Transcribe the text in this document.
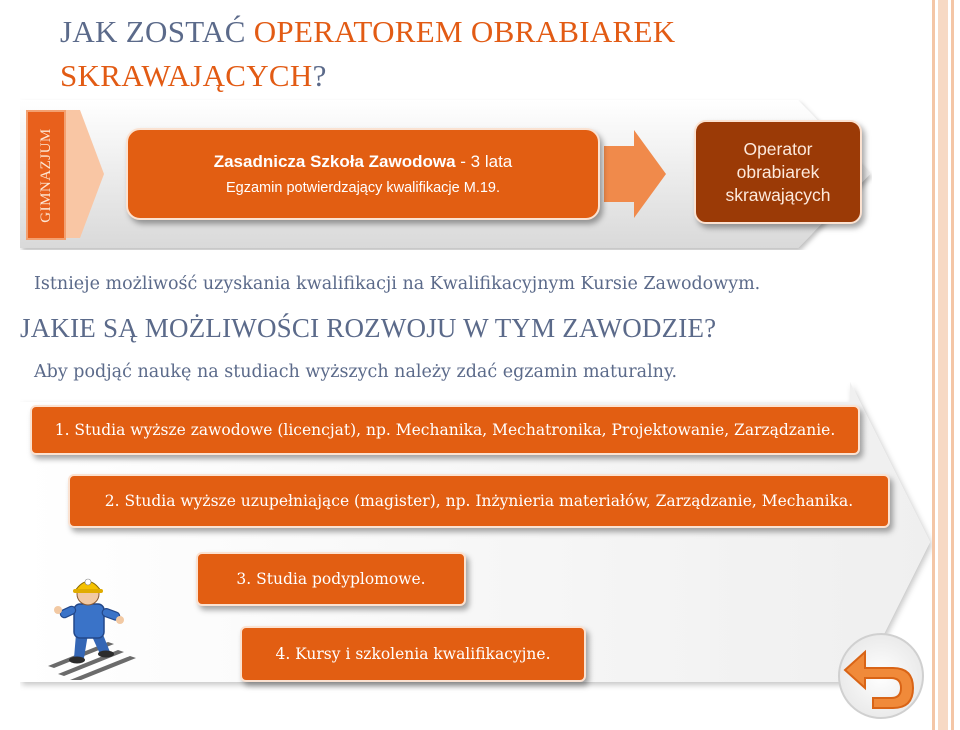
JAK ZOSTAĆ OPERATOREM OBRABIAREK SKRAWAJĄCYCH?
GIMNAZJUM	Zasadnicza Szkoła Zawodowa - 3 lata
Egzamin potwierdzający kwalifikacje M.19.
Operator
obrabiarek
skrawających
Istnieje możliwość uzyskania kwalifikacji na Kwalifikacyjnym Kursie Zawodowym.
JAKIE SĄ MOŻLIWOŚCI ROZWOJU W TYM ZAWODZIE?
Aby podjąć naukę na studiach wyższych należy zdać egzamin maturalny.
1. Studia wyższe zawodowe (licencjat), np. Mechanika, Mechatronika, Projektowanie, Zarządzanie.
2. Studia wyższe uzupełniające (magister), np. Inżynieria materiałów, Zarządzanie, Mechanika.
3. Studia podyplomowe.
4. Kursy i szkolenia kwalifikacyjne.
